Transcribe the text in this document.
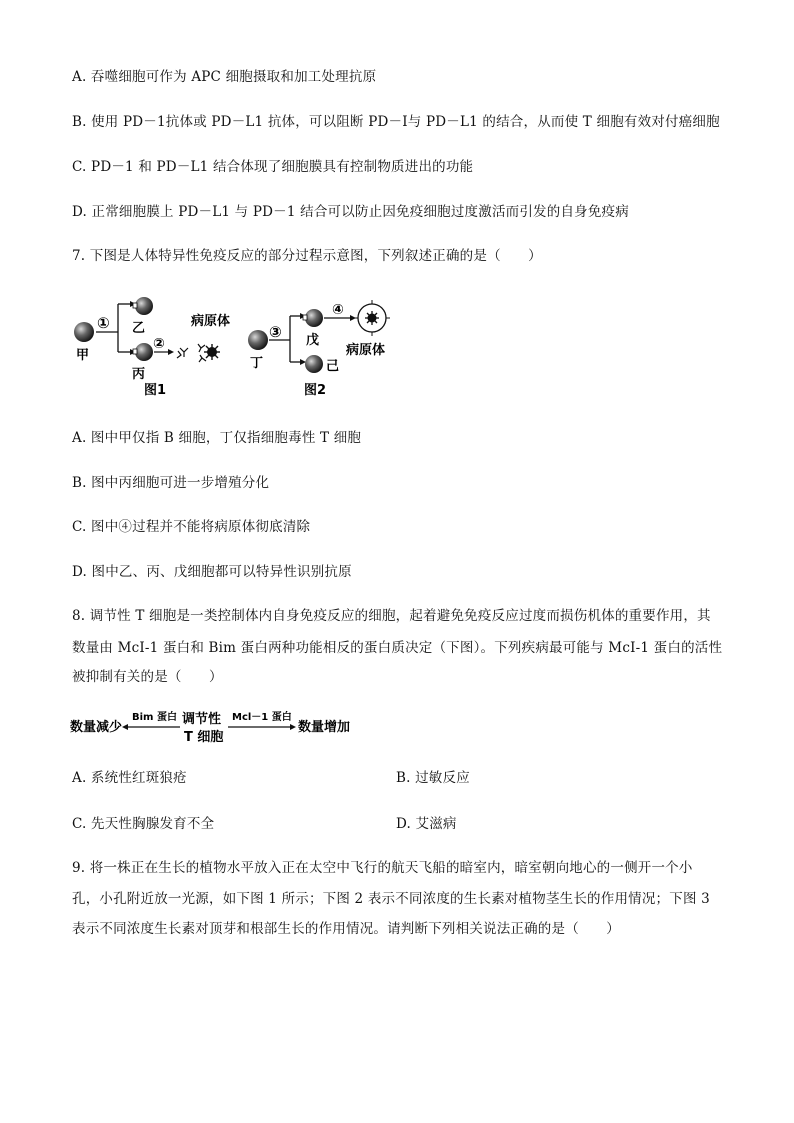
A. 吞噬细胞可作为 APC 细胞摄取和加工处理抗原
B. 使用 PD－1抗体或 PD－L1 抗体，可以阻断 PD－I与 PD－L1 的结合，从而使 T 细胞有效对付癌细胞
C. PD－1 和 PD－L1 结合体现了细胞膜具有控制物质进出的功能
D. 正常细胞膜上 PD－L1 与 PD－1 结合可以防止因免疫细胞过度激活而引发的自身免疫病
7. 下图是人体特异性免疫反应的部分过程示意图，下列叙述正确的是（　　）
① 乙
丙
甲
②
病原体
图1
丁
③ 戊
己
④
病原体
图2
A. 图中甲仅指 B 细胞，丁仅指细胞毒性 T 细胞
B. 图中丙细胞可进一步增殖分化
C. 图中④过程并不能将病原体彻底清除
D. 图中乙、丙、戊细胞都可以特异性识别抗原
8. 调节性 T 细胞是一类控制体内自身免疫反应的细胞，起着避免免疫反应过度而损伤机体的重要作用，其
数量由 McI-1 蛋白和 Bim 蛋白两种功能相反的蛋白质决定（下图）。下列疾病最可能与 McI-1 蛋白的活性
被抑制有关的是（　　）
数量减少
Bim 蛋白 调节性
T 细胞
Mcl－1 蛋白
数量增加
A. 系统性红斑狼疮	B. 过敏反应
C. 先天性胸腺发育不全	D. 艾滋病
9. 将一株正在生长的植物水平放入正在太空中飞行的航天飞船的暗室内，暗室朝向地心的一侧开一个小
孔，小孔附近放一光源，如下图 1 所示；下图 2 表示不同浓度的生长素对植物茎生长的作用情况；下图 3
表示不同浓度生长素对顶芽和根部生长的作用情况。请判断下列相关说法正确的是（　　）
